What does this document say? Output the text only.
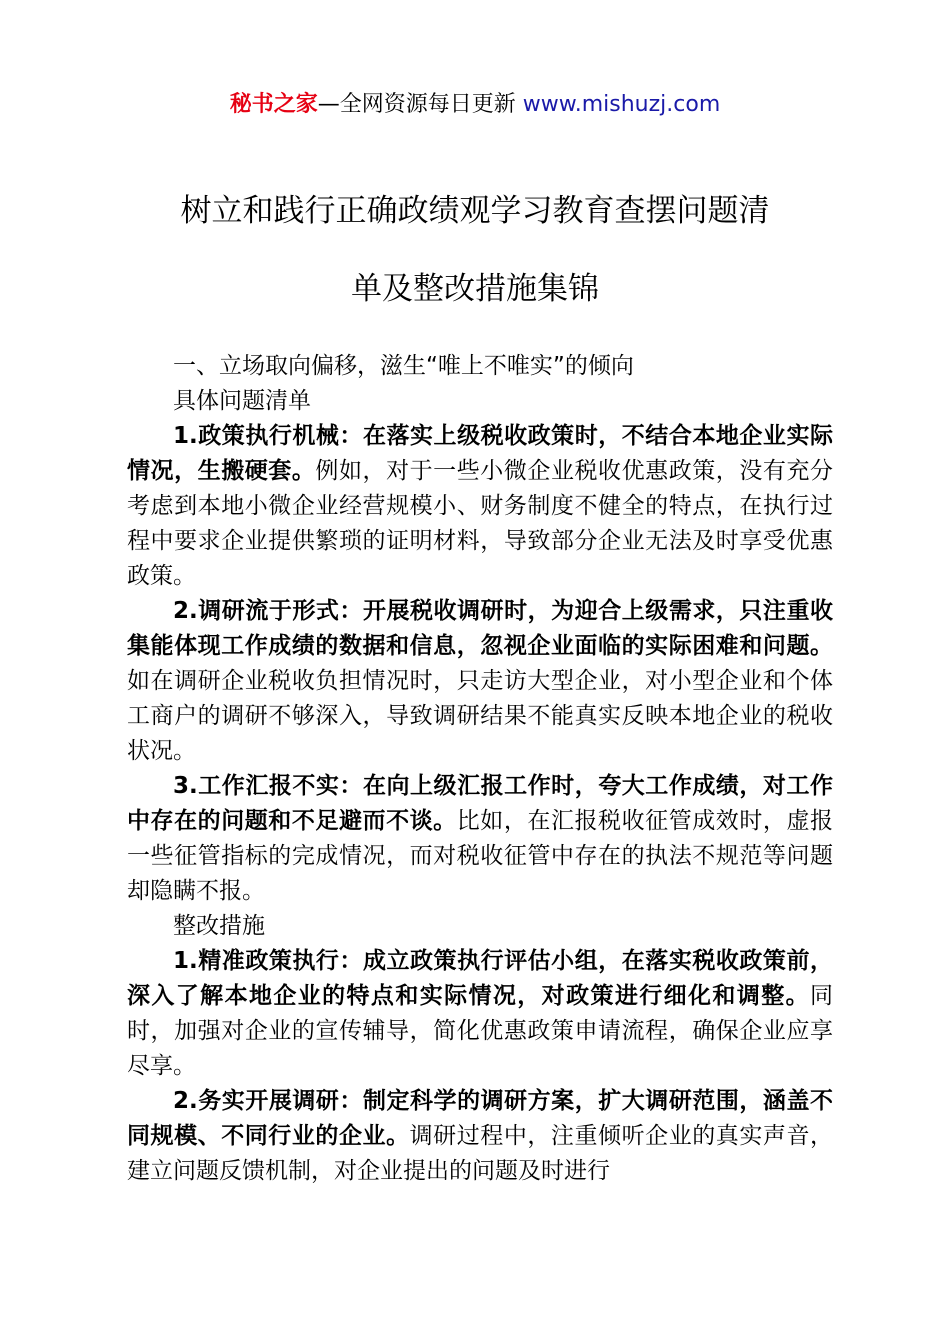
秘书之家—全网资源每日更新 www.mishuzj.com
树立和践行正确政绩观学习教育查摆问题清
单及整改措施集锦

一、立场取向偏移，滋生“唯上不唯实”的倾向

具体问题清单

1.政策执行机械：在落实上级税收政策时，不结合本地企业实际情况，生搬硬套。例如，对于一些小微企业税收优惠政策，没有充分考虑到本地小微企业经营规模小、财务制度不健全的特点，在执行过程中要求企业提供繁琐的证明材料，导致部分企业无法及时享受优惠政策。

2.调研流于形式：开展税收调研时，为迎合上级需求，只注重收集能体现工作成绩的数据和信息，忽视企业面临的实际困难和问题。如在调研企业税收负担情况时，只走访大型企业，对小型企业和个体工商户的调研不够深入，导致调研结果不能真实反映本地企业的税收状况。

3.工作汇报不实：在向上级汇报工作时，夸大工作成绩，对工作中存在的问题和不足避而不谈。比如，在汇报税收征管成效时，虚报一些征管指标的完成情况，而对税收征管中存在的执法不规范等问题却隐瞒不报。

整改措施

1.精准政策执行：成立政策执行评估小组，在落实税收政策前，深入了解本地企业的特点和实际情况，对政策进行细化和调整。同时，加强对企业的宣传辅导，简化优惠政策申请流程，确保企业应享尽享。

2.务实开展调研：制定科学的调研方案，扩大调研范围，涵盖不同规模、不同行业的企业。调研过程中，注重倾听企业的真实声音，建立问题反馈机制，对企业提出的问题及时进行
